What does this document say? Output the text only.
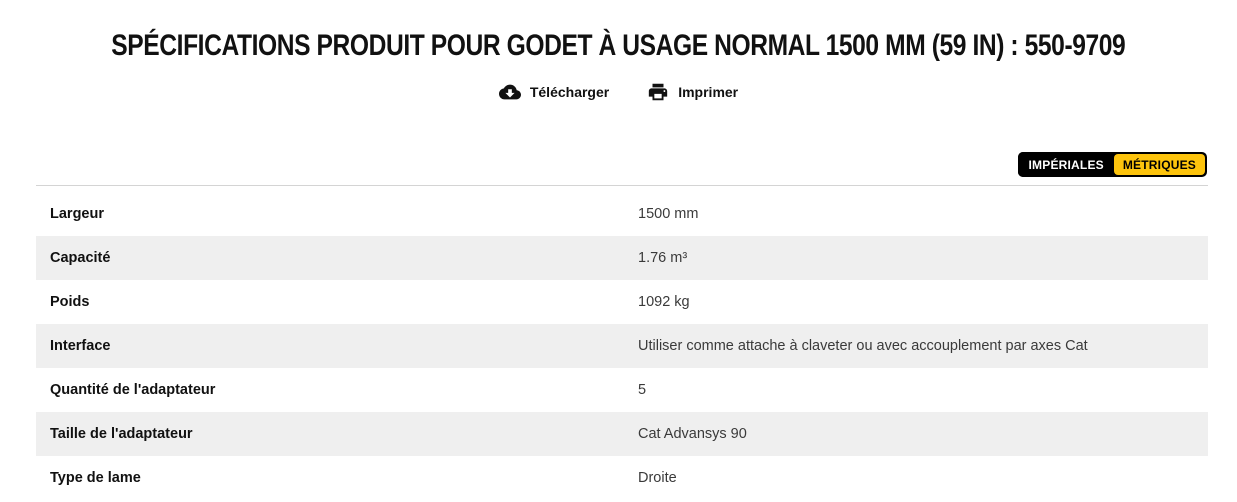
SPÉCIFICATIONS PRODUIT POUR GODET À USAGE NORMAL 1500 MM (59 IN) : 550-9709
Télécharger	Imprimer
IMPÉRIALES	MÉTRIQUES
Largeur	1500 mm
Capacité	1.76 m³
Poids	1092 kg
Interface	Utiliser comme attache à claveter ou avec accouplement par axes Cat
Quantité de l'adaptateur	5
Taille de l'adaptateur	Cat Advansys 90
Type de lame	Droite
